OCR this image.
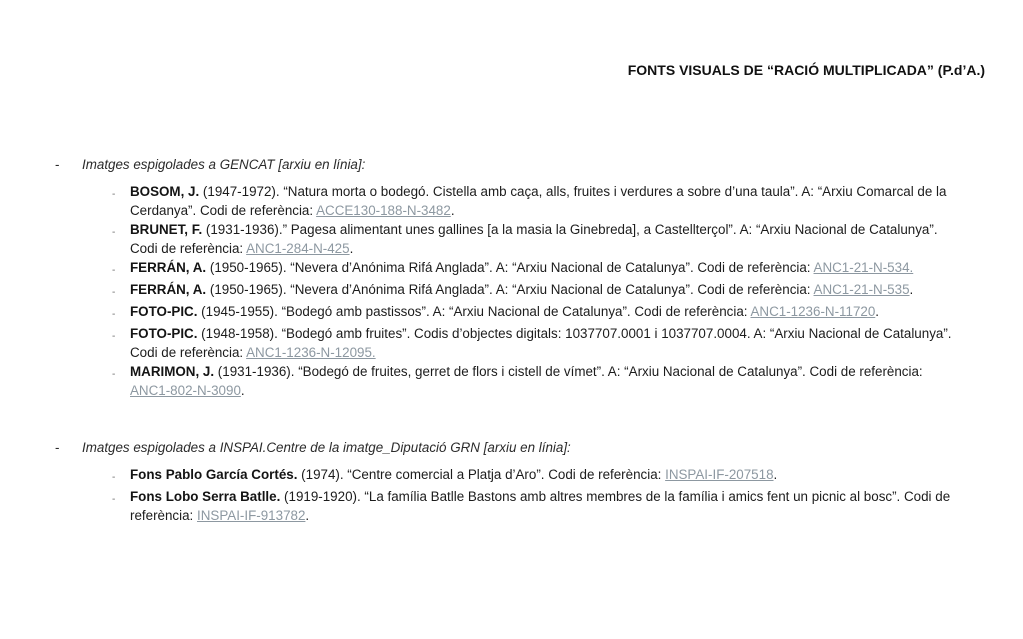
FONTS VISUALS DE “RACIÓ MULTIPLICADA” (P.d’A.)
-	Imatges espigolades a GENCAT [arxiu en línia]:
-	BOSOM, J. (1947-1972). “Natura morta o bodegó. Cistella amb caça, alls, fruites i verdures a sobre d’una taula”. A: “Arxiu Comarcal de la Cerdanya”. Codi de referència: ACCE130-188-N-3482.

-	BRUNET, F. (1931-1936).” Pagesa alimentant unes gallines [a la masia la Ginebreda], a Castellterçol”. A: “Arxiu Nacional de Catalunya”. Codi de referència: ANC1-284-N-425.

-	FERRÁN, A. (1950-1965). “Nevera d’Anónima Rifá Anglada”. A: “Arxiu Nacional de Catalunya”. Codi de referència: ANC1-21-N-534.

-	FERRÁN, A. (1950-1965). “Nevera d’Anónima Rifá Anglada”. A: “Arxiu Nacional de Catalunya”. Codi de referència: ANC1-21-N-535.

-	FOTO-PIC. (1945-1955). “Bodegó amb pastissos”. A: “Arxiu Nacional de Catalunya”. Codi de referència: ANC1-1236-N-11720.

-	FOTO-PIC. (1948-1958). “Bodegó amb fruites”. Codis d’objectes digitals: 1037707.0001 i 1037707.0004. A: “Arxiu Nacional de Catalunya”. Codi de referència: ANC1-1236-N-12095.

-	MARIMON, J. (1931-1936). “Bodegó de fruites, gerret de flors i cistell de vímet”. A: “Arxiu Nacional de Catalunya”. Codi de referència: ANC1-802-N-3090.

-	Imatges espigolades a INSPAI.Centre de la imatge_Diputació GRN [arxiu en línia]:
-	Fons Pablo García Cortés. (1974). “Centre comercial a Platja d’Aro”. Codi de referència: INSPAI-IF-207518.

-	Fons Lobo Serra Batlle. (1919-1920). “La família Batlle Bastons amb altres membres de la família i amics fent un picnic al bosc”. Codi de referència: INSPAI-IF-913782.
